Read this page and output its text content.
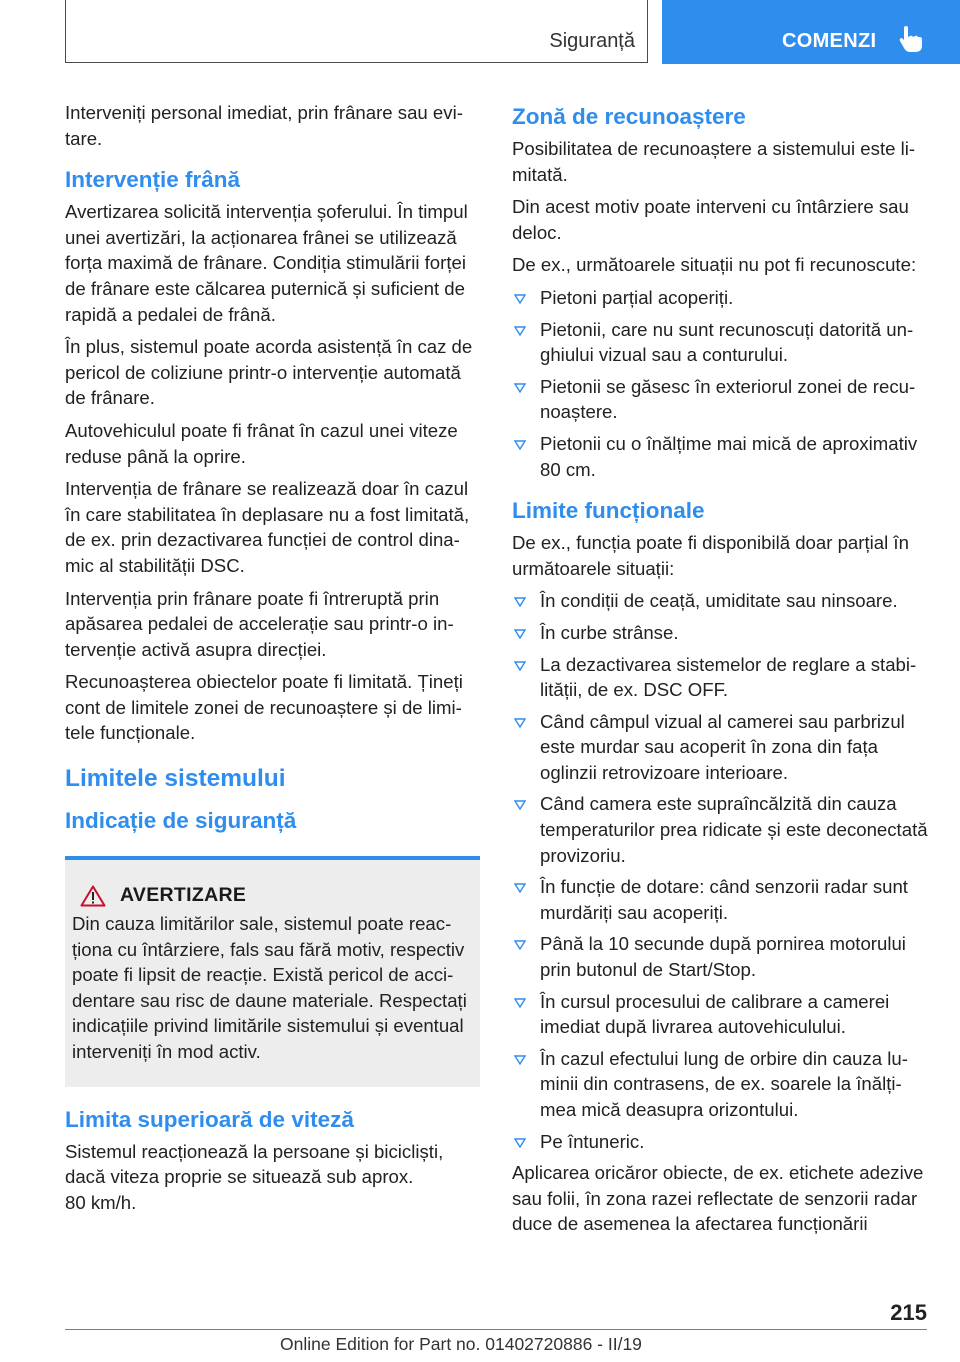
Siguranță	COMENZI

Interveniți personal imediat, prin frânare sau evitare.

Intervenție frână

Avertizarea solicită intervenția șoferului. În timpul unei avertizări, la acționarea frânei se utilizează forța maximă de frânare. Condiția stimulării forței de frânare este călcarea puternică și suficient de rapidă a pedalei de frână.

În plus, sistemul poate acorda asistență în caz de pericol de coliziune printr-o intervenție automată de frânare.

Autovehiculul poate fi frânat în cazul unei viteze reduse până la oprire.

Intervenția de frânare se realizează doar în cazul în care stabilitatea în deplasare nu a fost limitată, de ex. prin dezactivarea funcției de control dinamic al stabilității DSC.

Intervenția prin frânare poate fi întreruptă prin apăsarea pedalei de accelerație sau printr-o intervenție activă asupra direcției.

Recunoașterea obiectelor poate fi limitată. Țineți cont de limitele zonei de recunoaștere și de limitele funcționale.

Limitele sistemului
Indicație de siguranță
AVERTIZARE

Din cauza limitărilor sale, sistemul poate reacționa cu întârziere, fals sau fără motiv, respectiv poate fi lipsit de reacție. Există pericol de accidentare sau risc de daune materiale. Respectați indicațiile privind limitările sistemului și eventual interveniți în mod activ.

Limita superioară de viteză

Sistemul reacționează la persoane și bicicliști, dacă viteza proprie se situează sub aprox.
80 km/h.

Zonă de recunoaștere

Posibilitatea de recunoaștere a sistemului este limitată.

Din acest motiv poate interveni cu întârziere sau deloc.

De ex., următoarele situații nu pot fi recunoscute:

Pietoni parțial acoperiți.
Pietonii, care nu sunt recunoscuți datorită unghiului vizual sau a conturului.
Pietonii se găsesc în exteriorul zonei de recunoaștere.
Pietonii cu o înălțime mai mică de aproximativ 80 cm.
Limite funcționale

De ex., funcția poate fi disponibilă doar parțial în următoarele situații:

În condiții de ceață, umiditate sau ninsoare.
În curbe strânse.
La dezactivarea sistemelor de reglare a stabilității, de ex. DSC OFF.
Când câmpul vizual al camerei sau parbrizul este murdar sau acoperit în zona din fața oglinzii retrovizoare interioare.
Când camera este supraîncălzită din cauza temperaturilor prea ridicate și este deconectată provizoriu.
În funcție de dotare: când senzorii radar sunt murdăriți sau acoperiți.
Până la 10 secunde după pornirea motorului prin butonul de Start/Stop.
În cursul procesului de calibrare a camerei imediat după livrarea autovehiculului.
În cazul efectului lung de orbire din cauza luminii din contrasens, de ex. soarele la înălțimea mică deasupra orizontului.
Pe întuneric.

Aplicarea oricăror obiecte, de ex. etichete adezive sau folii, în zona razei reflectate de senzorii radar duce de asemenea la afectarea funcționării

215
Online Edition for Part no. 01402720886 - II/19
